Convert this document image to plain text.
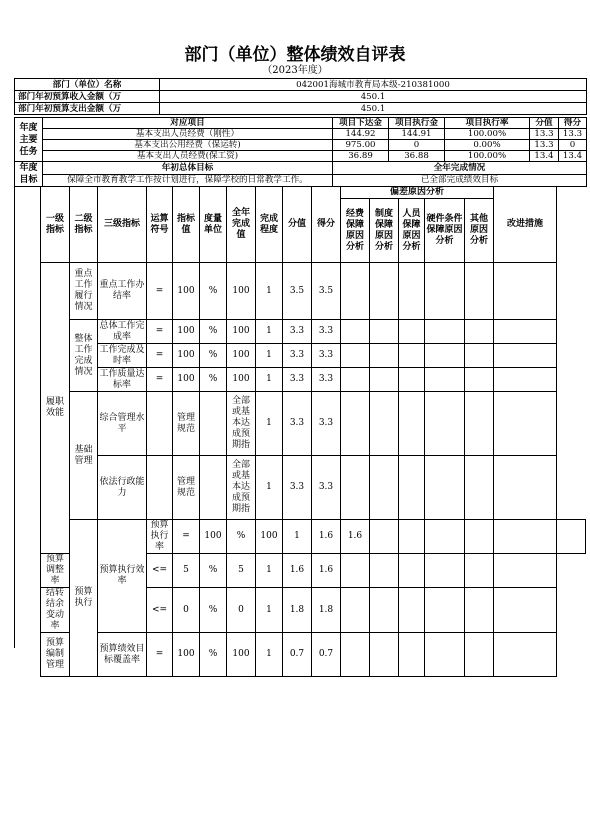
部门（单位）整体绩效自评表
（2023年度）
部门（单位）名称	042001海城市教育局本级-210381000
部门年初预算收入金额（万	450.1
部门年初预算支出金额（万	450.1
年度主要任务	对应项目	项目下达金	项目执行金	项目执行率	分值	得分
	基本支出人员经费（刚性）	144.92	144.91	100.00%	13.3	13.3
	基本支出公用经费（保运转)	975.00	0	0.00%	13.3	0
	基本支出人员经费(保工资)	36.89	36.88	100.00%	13.4	13.4
年度目标	年初总体目标	全年完成情况
	保障全市教育教学工作按计划进行，保障学校的日常教学工作。	已全部完成绩效目标
一级指标	二级指标	三级指标	运算符号	指标值	度量单位	全年完成值	完成程度	分值	得分	偏差原因分析					改进措施	
										经费保障原因分析	制度保障原因分析	人员保障原因分析	硬件条件保障原因分析	其他原因分析		
履职效能	重点工作履行情况	重点工作办结率	=	100	%	100	1	3.5	3.5							
	整体工作完成情况	总体工作完成率	=	100	%	100	1	3.3	3.3							
		工作完成及时率	=	100	%	100	1	3.3	3.3							
		工作质量达标率	=	100	%	100	1	3.3	3.3							
	基础管理	综合管理水平		管理规范		全部或基本达成预期指	1	3.3	3.3							
		依法行政能力		管理规范		全部或基本达成预期指	1	3.3	3.3							
	预算执行	预算执行效率	预算执行率	=	100	%	100	1	1.6	1.6						
预算调整率			<=	5	%	5	1	1.6	1.6							
结转结余变动率			<=	0	%	0	1	1.8	1.8							
预算编制管理		预算绩效目标覆盖率	=	100	%	100	1	0.7	0.7							
